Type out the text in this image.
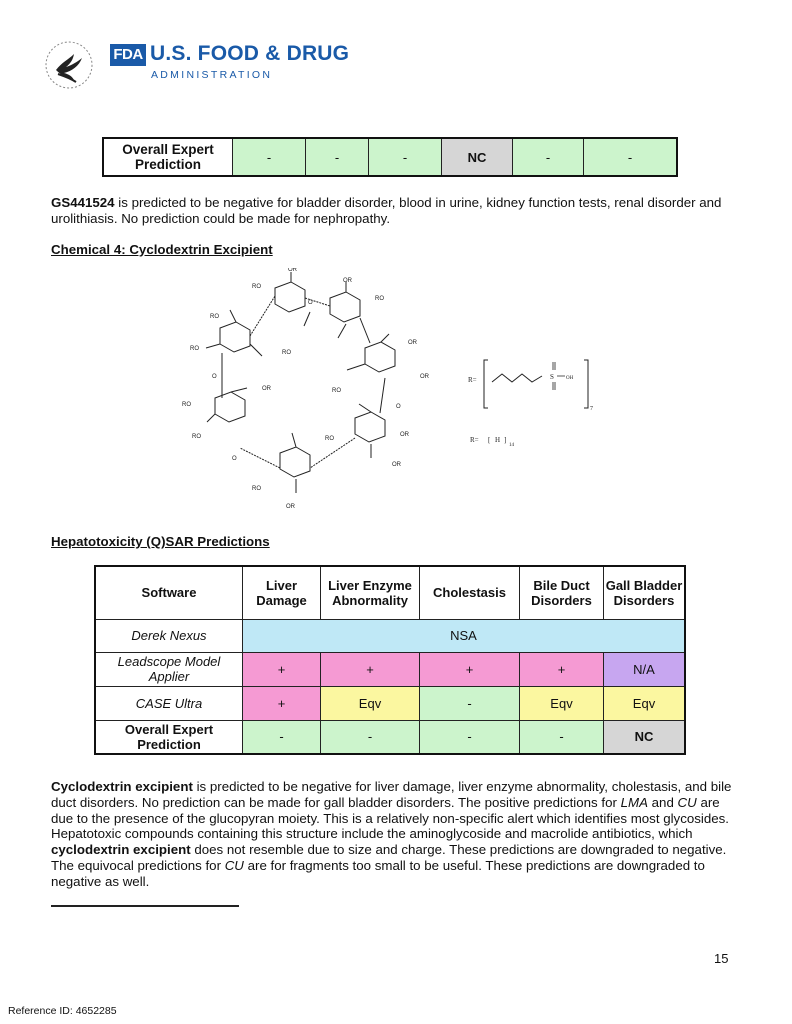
FDA U.S. FOOD & DRUG
ADMINISTRATION
Overall Expert Prediction	-	-	-	NC	-	-
GS441524 is predicted to be negative for bladder disorder, blood in urine, kidney function tests, renal disorder and urolithiasis. No prediction could be made for nephropathy.
Chemical 4: Cyclodextrin Excipient
OR
RO
OR
RO
RO
RO
RO
OR
OR
RO
OR
RO
RO	RO
OR
OR
RO
OR
O
O
O
O
R=	S OH
7
R= [ H ]
14
Hepatotoxicity (Q)SAR Predictions
Software	Liver Damage	Liver Enzyme Abnormality	Cholestasis	Bile Duct Disorders	Gall Bladder Disorders
Derek Nexus	NSA				
Leadscope Model Applier	+	+	+	+	N/A
CASE Ultra	+	Eqv	-	Eqv	Eqv
Overall Expert Prediction	-	-	-	-	NC
Cyclodextrin excipient is predicted to be negative for liver damage, liver enzyme abnormality, cholestasis, and bile duct disorders. No prediction can be made for gall bladder disorders. The positive predictions for LMA and CU are due to the presence of the glucopyran moiety. This is a relatively non-specific alert which identifies most glycosides. Hepatotoxic compounds containing this structure include the aminoglycoside and macrolide antibiotics, which cyclodextrin excipient does not resemble due to size and charge. These predictions are downgraded to negative. The equivocal predictions for CU are for fragments too small to be useful. These predictions are downgraded to negative as well.
15
Reference ID: 4652285
